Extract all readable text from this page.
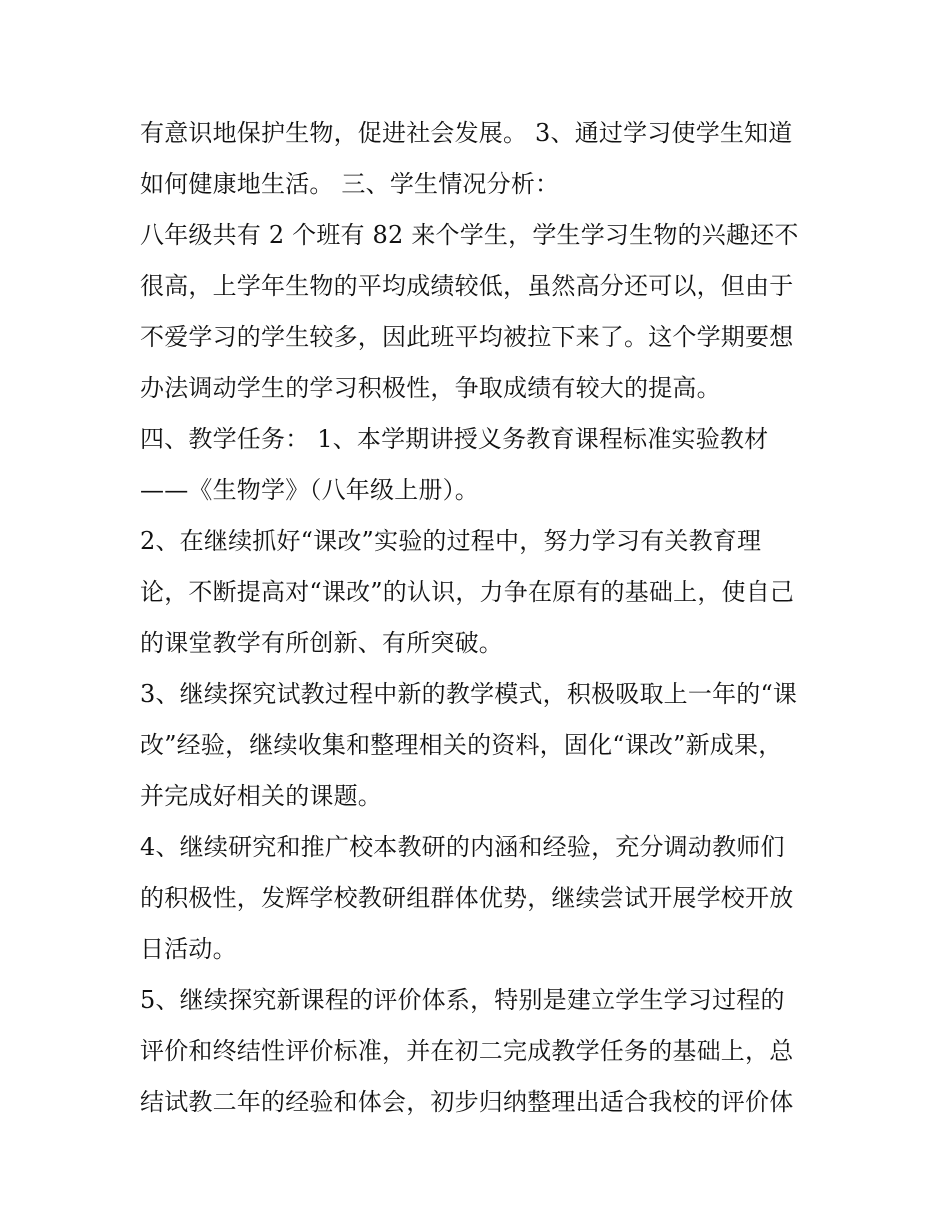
有意识地保护生物，促进社会发展。 3、通过学习使学生知道
如何健康地生活。 三、学生情况分析：
八年级共有 2 个班有 82 来个学生，学生学习生物的兴趣还不
很高，上学年生物的平均成绩较低，虽然高分还可以，但由于
不爱学习的学生较多，因此班平均被拉下来了。这个学期要想
办法调动学生的学习积极性，争取成绩有较大的提高。
四、教学任务： 1、本学期讲授义务教育课程标准实验教材
——《生物学》（八年级上册）。
2、在继续抓好“课改”实验的过程中，努力学习有关教育理
论，不断提高对“课改”的认识，力争在原有的基础上，使自己
的课堂教学有所创新、有所突破。
3、继续探究试教过程中新的教学模式，积极吸取上一年的“课
改”经验，继续收集和整理相关的资料，固化“课改”新成果，
并完成好相关的课题。
4、继续研究和推广校本教研的内涵和经验，充分调动教师们
的积极性，发辉学校教研组群体优势，继续尝试开展学校开放
日活动。
5、继续探究新课程的评价体系，特别是建立学生学习过程的
评价和终结性评价标准，并在初二完成教学任务的基础上，总
结试教二年的经验和体会，初步归纳整理出适合我校的评价体
